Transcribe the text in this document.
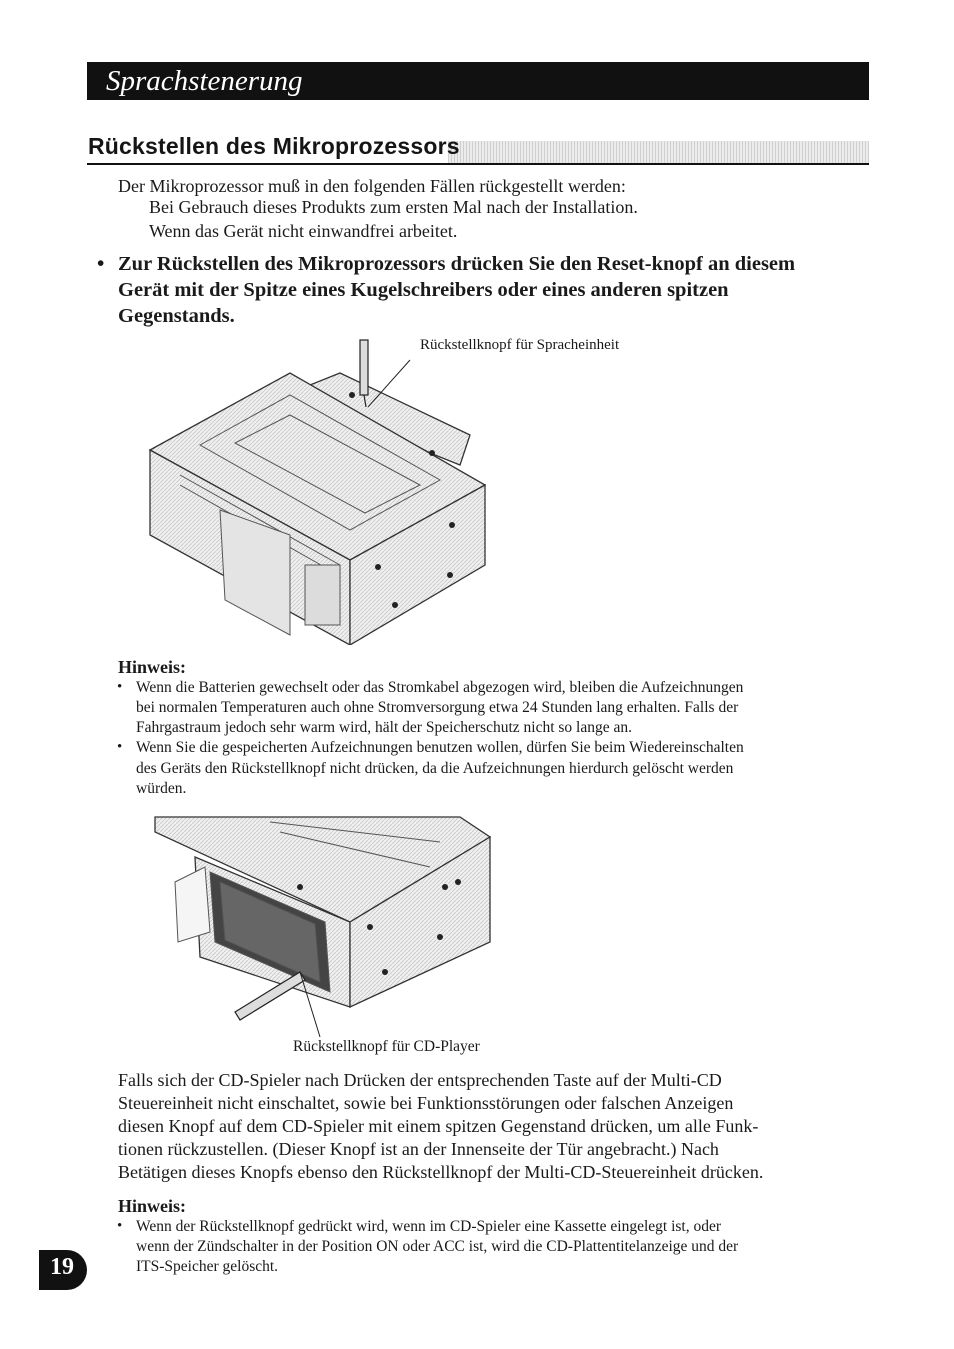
Sprachstenerung
Rückstellen des Mikroprozessors
Der Mikroprozessor muß in den folgenden Fällen rückgestellt werden:
Bei Gebrauch dieses Produkts zum ersten Mal nach der Installation.
Wenn das Gerät nicht einwandfrei arbeitet.
• Zur Rückstellen des Mikroprozessors drücken Sie den Reset-knopf an diesem Gerät mit der Spitze eines Kugelschreibers oder eines anderen spitzen Gegenstands.
Rückstellknopf für Spracheinheit
Hinweis:
• Wenn die Batterien gewechselt oder das Stromkabel abgezogen wird, bleiben die Aufzeichnungen
bei normalen Temperaturen auch ohne Stromversorgung etwa 24 Stunden lang erhalten. Falls der
Fahrgastraum jedoch sehr warm wird, hält der Speicherschutz nicht so lange an.
• Wenn Sie die gespeicherten Aufzeichnungen benutzen wollen, dürfen Sie beim Wiedereinschalten
des Geräts den Rückstellknopf nicht drücken, da die Aufzeichnungen hierdurch gelöscht werden
würden.
Rückstellknopf für CD-Player
Falls sich der CD-Spieler nach Drücken der entsprechenden Taste auf der Multi-CD
Steuereinheit nicht einschaltet, sowie bei Funktionsstörungen oder falschen Anzeigen
diesen Knopf auf dem CD-Spieler mit einem spitzen Gegenstand drücken, um alle Funk-
tionen rückzustellen. (Dieser Knopf ist an der Innenseite der Tür angebracht.) Nach
Betätigen dieses Knopfs ebenso den Rückstellknopf der Multi-CD-Steuereinheit drücken.
Hinweis:
• Wenn der Rückstellknopf gedrückt wird, wenn im CD-Spieler eine Kassette eingelegt ist, oder
wenn der Zündschalter in der Position ON oder ACC ist, wird die CD-Plattentitelanzeige und der
ITS-Speicher gelöscht.
19
